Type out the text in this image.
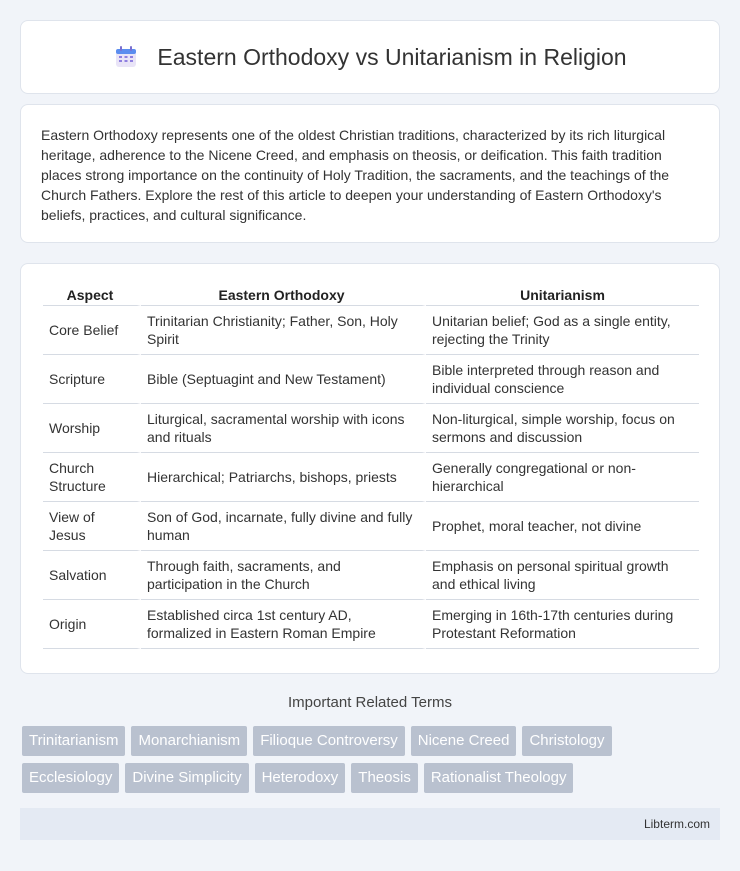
Eastern Orthodoxy vs Unitarianism in Religion

Eastern Orthodoxy represents one of the oldest Christian traditions, characterized by its rich liturgical heritage, adherence to the Nicene Creed, and emphasis on theosis, or deification. This faith tradition places strong importance on the continuity of Holy Tradition, the sacraments, and the teachings of the Church Fathers. Explore the rest of this article to deepen your understanding of Eastern Orthodoxy's beliefs, practices, and cultural significance.

Aspect	Eastern Orthodoxy	Unitarianism
Core Belief	Trinitarian Christianity; Father, Son, Holy Spirit	Unitarian belief; God as a single entity, rejecting the Trinity
Scripture	Bible (Septuagint and New Testament)	Bible interpreted through reason and individual conscience
Worship	Liturgical, sacramental worship with icons and rituals	Non-liturgical, simple worship, focus on sermons and discussion
Church Structure	Hierarchical; Patriarchs, bishops, priests	Generally congregational or non-hierarchical
View of Jesus	Son of God, incarnate, fully divine and fully human	Prophet, moral teacher, not divine
Salvation	Through faith, sacraments, and participation in the Church	Emphasis on personal spiritual growth and ethical living
Origin	Established circa 1st century AD, formalized in Eastern Roman Empire	Emerging in 16th-17th centuries during Protestant Reformation
Important Related Terms
Trinitarianism Monarchianism Filioque Controversy Nicene Creed Christology
Ecclesiology Divine Simplicity Heterodoxy Theosis Rationalist Theology
Libterm.com
